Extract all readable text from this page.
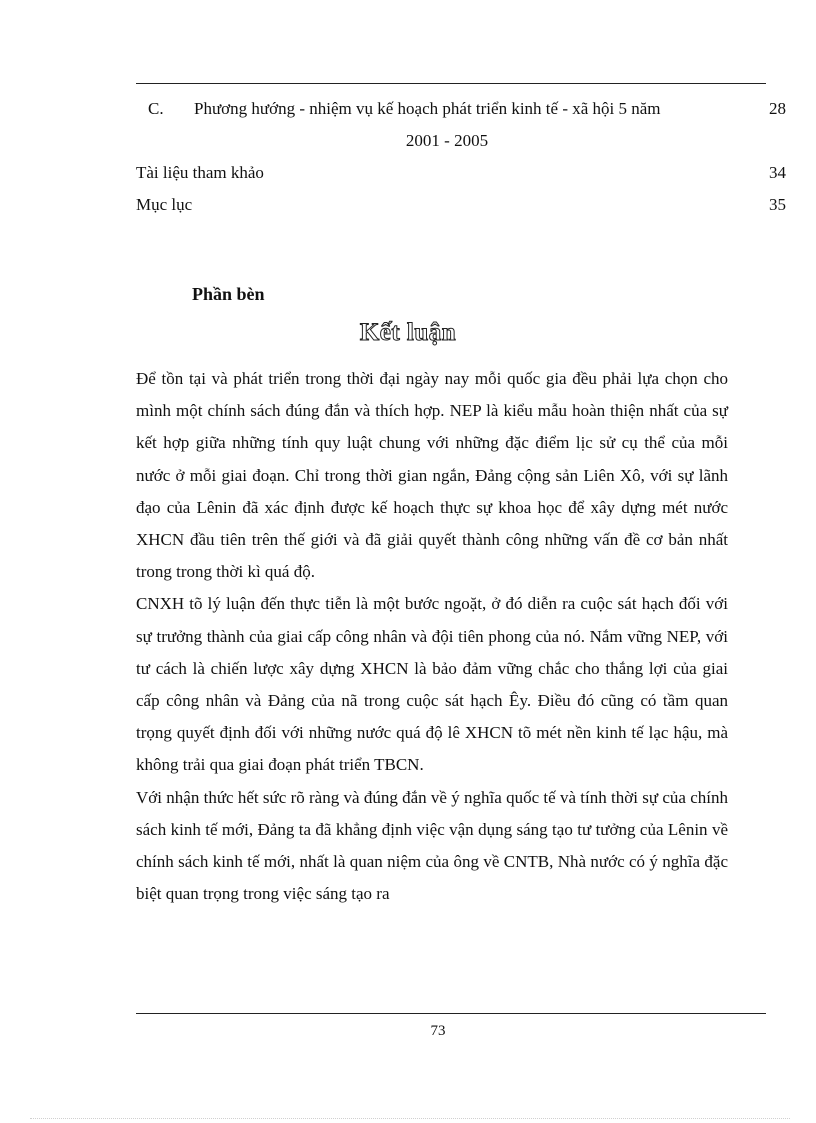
C. Phương hướng - nhiệm vụ kế hoạch phát triển kinh tế - xã hội 5 năm	28
2001 - 2005
Tài liệu tham khảo	34
Mục lục	35
Phần bèn
Kết luận

Để tồn tại và phát triển trong thời đại ngày nay mỗi quốc gia đều phải lựa chọn cho mình một chính sách đúng đắn và thích hợp. NEP là kiểu mẫu hoàn thiện nhất của sự kết hợp giữa những tính quy luật chung với những đặc điểm lịc sử cụ thể của mỗi nước ở mỗi giai đoạn. Chỉ trong thời gian ngắn, Đảng cộng sản Liên Xô, với sự lãnh đạo của Lênin đã xác định được kế hoạch thực sự khoa học để xây dựng mét nước XHCN đầu tiên trên thế giới và đã giải quyết thành công những vấn đề cơ bản nhất trong trong thời kì quá độ.

CNXH tõ lý luận đến thực tiễn là một bước ngoặt, ở đó diễn ra cuộc sát hạch đối với sự trưởng thành của giai cấp công nhân và đội tiên phong của nó. Nắm vững NEP, với tư cách là chiến lược xây dựng XHCN là bảo đảm vững chắc cho thắng lợi của giai cấp công nhân và Đảng của nã trong cuộc sát hạch Êy. Điều đó cũng có tầm quan trọng quyết định đối với những nước quá độ lê XHCN tõ mét nền kinh tế lạc hậu, mà không trải qua giai đoạn phát triển TBCN.

Với nhận thức hết sức rõ ràng và đúng đắn về ý nghĩa quốc tế và tính thời sự của chính sách kinh tế mới, Đảng ta đã khẳng định việc vận dụng sáng tạo tư tưởng của Lênin về chính sách kinh tế mới, nhất là quan niệm của ông về CNTB, Nhà nước có ý nghĩa đặc biệt quan trọng trong việc sáng tạo ra

73
